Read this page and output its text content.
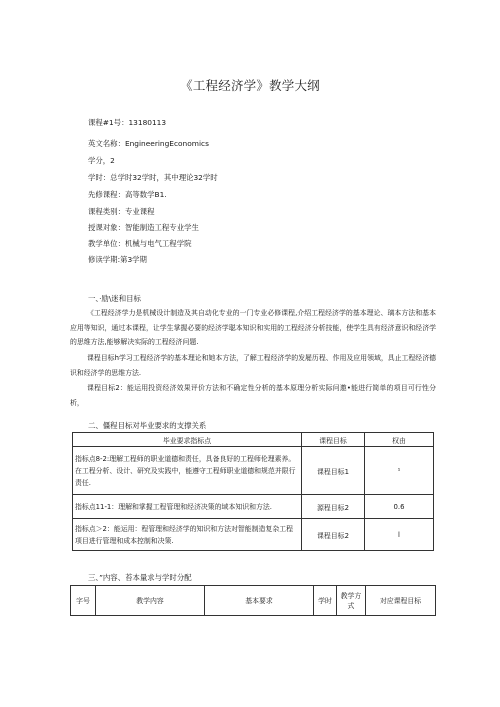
《工程经济学》教学大纲
课程#1号：13180113
英文名称：EngineeringEconomics
学分，2
学时：总学时32学时，其中理论32学时
先修课程：高等数学B1.
课程类别：专业课程
授课对象：智能制造工程专业学生
教学单位：机械与电气工程学院
修读学期:第3学期
一、·励\迷和目标
《工程经济学力是机械设计制造及其自动化专业的一门专业必修课程,介绍工程经济学的基本理论、璃本方法和基本应用等知识，通过本课程，让学生掌握必要的经济学聪本知识和实用的工程经济分析技能，使学生具有经济意识和经济学的思维方法,能够解决实际的工程经济问题.
课程目标h学习工程经济学的基本理论和她本方法，了解工程经济学的发屣历程、作用及应用领域，具止工程经济德识和经济学的思维方法.
课程目标2：能运用投资经济效果评价方法和不确定性分析的基本原理分析实际问邀•能进行简单的项目可行性分析，
二、僵程目标对毕业要求的支撑关系
毕业要求指标点	课程目标	权由
指标点8-2:理解工程师的职业道德和责任，具备良好的工程师伦理素养。在工程分析、设计、研究及实践中，能遵守工程师职业道德和规范并限行责任.	课程目标1	¹
指标点11-1：理解和掌握工程管理和经济决策的域本知识和方法.	源程目标2	0.6
指标点＞2：能运用：程管理和经济学的知识和方法对智能制造复杂工程项目进行管理和成本控制和决策.	课程目标2	l
三、”内容、苔本量求与学时分配
字号	教学内容	基本要求	学时	教学方式	对应课程目标
